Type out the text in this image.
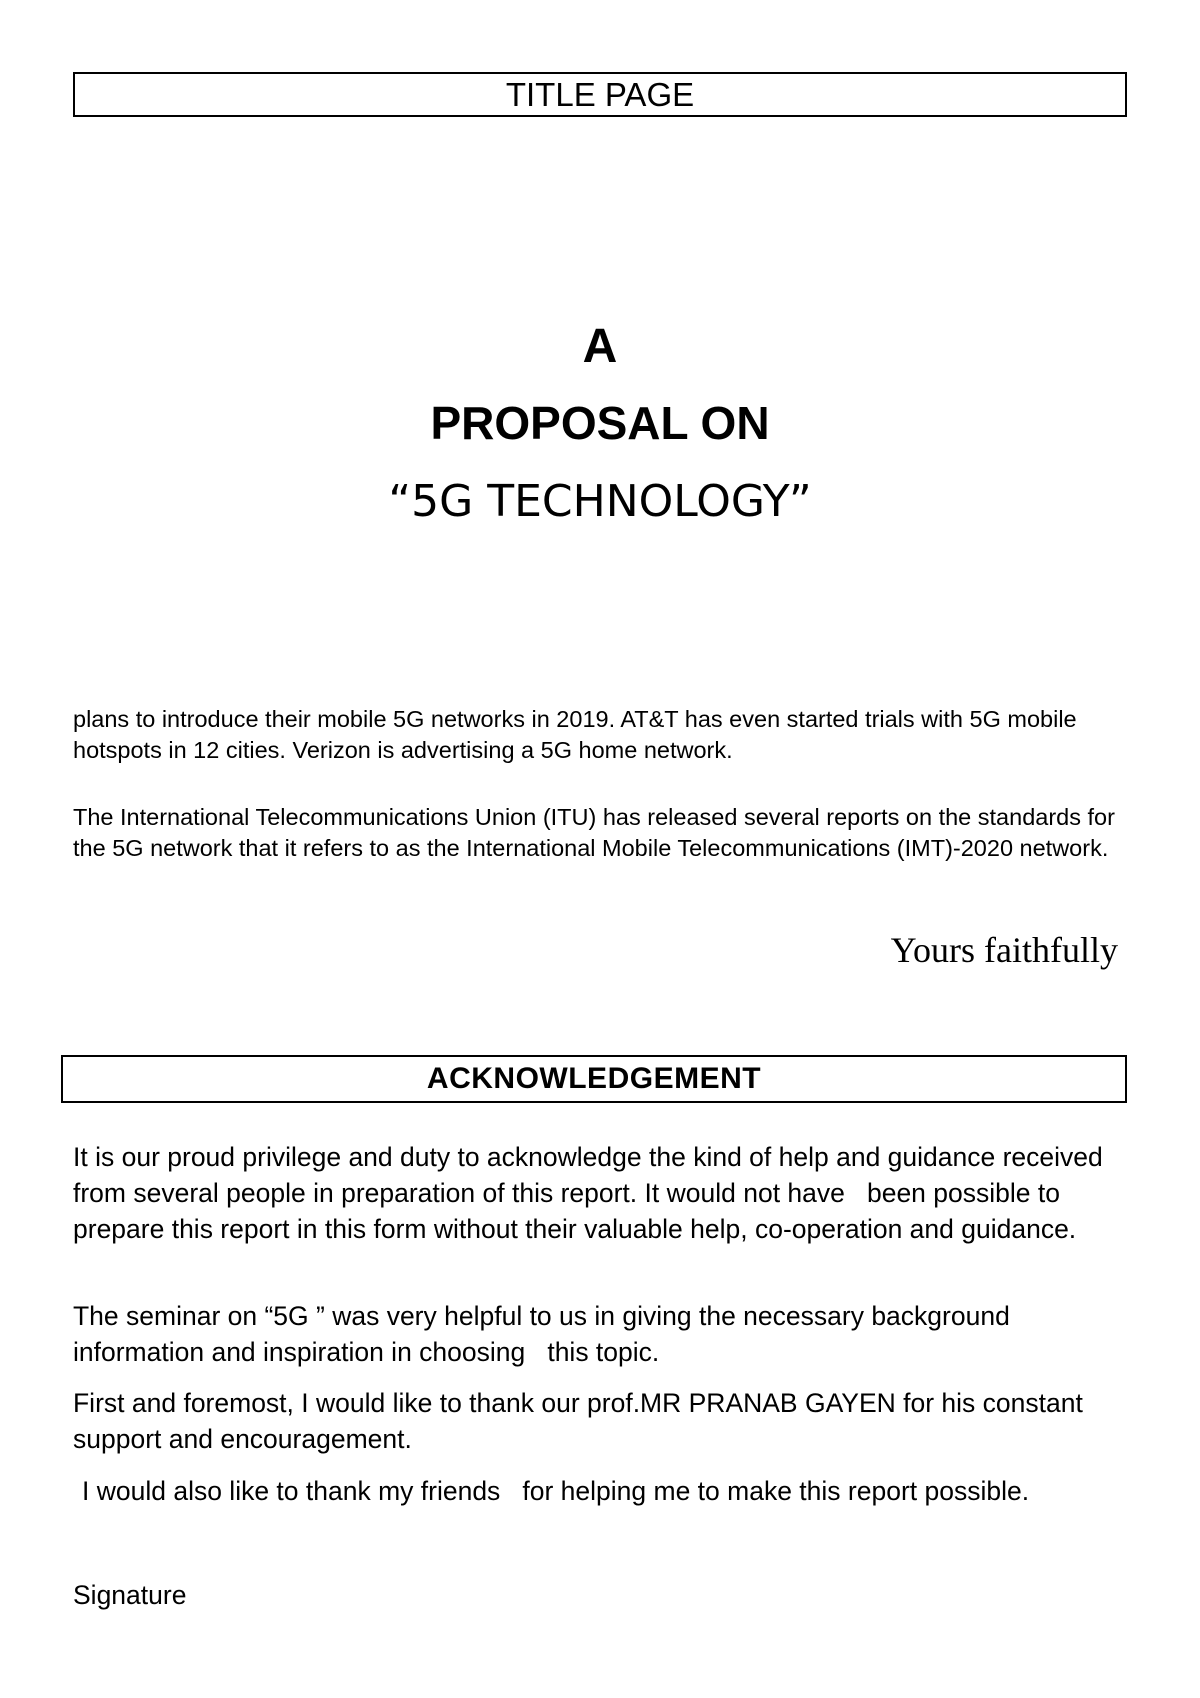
TITLE PAGE

A

PROPOSAL ON

“5G TECHNOLOGY”

plans to introduce their mobile 5G networks in 2019. AT&T has even started trials with 5G mobile hotspots in 12 cities. Verizon is advertising a 5G home network.

The International Telecommunications Union (ITU) has released several reports on the standards for the 5G network that it refers to as the International Mobile Telecommunications (IMT)-2020 network.

Yours faithfully

ACKNOWLEDGEMENT

It is our proud privilege and duty to acknowledge the kind of help and guidance received from several people in preparation of this report. It would not have   been possible to prepare this report in this form without their valuable help, co-operation and guidance.

The seminar on “5G ” was very helpful to us in giving the necessary background information and inspiration in choosing   this topic.

First and foremost, I would like to thank our prof.MR PRANAB GAYEN for his constant support and encouragement.

I would also like to thank my friends   for helping me to make this report possible.

Signature
